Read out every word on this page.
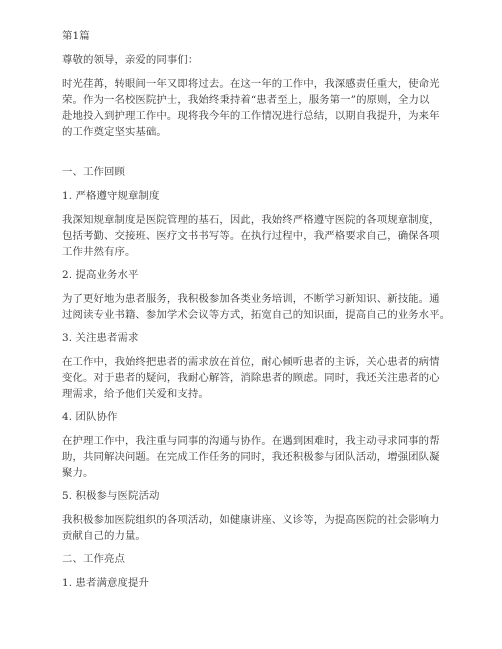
第1篇

尊敬的领导，亲爱的同事们：

时光荏苒，转眼间一年又即将过去。在这一年的工作中，我深感责任重大，使命光
荣。作为一名校医院护士，我始终秉持着“患者至上，服务第一”的原则，全力以
赴地投入到护理工作中。现将我今年的工作情况进行总结，以期自我提升，为来年
的工作奠定坚实基础。

一、工作回顾

1. 严格遵守规章制度

我深知规章制度是医院管理的基石，因此，我始终严格遵守医院的各项规章制度，
包括考勤、交接班、医疗文书书写等。在执行过程中，我严格要求自己，确保各项
工作井然有序。

2. 提高业务水平

为了更好地为患者服务，我积极参加各类业务培训，不断学习新知识、新技能。通
过阅读专业书籍、参加学术会议等方式，拓宽自己的知识面，提高自己的业务水平。

3. 关注患者需求

在工作中，我始终把患者的需求放在首位，耐心倾听患者的主诉，关心患者的病情
变化。对于患者的疑问，我耐心解答，消除患者的顾虑。同时，我还关注患者的心
理需求，给予他们关爱和支持。

4. 团队协作

在护理工作中，我注重与同事的沟通与协作。在遇到困难时，我主动寻求同事的帮
助，共同解决问题。在完成工作任务的同时，我还积极参与团队活动，增强团队凝
聚力。

5. 积极参与医院活动

我积极参加医院组织的各项活动，如健康讲座、义诊等，为提高医院的社会影响力
贡献自己的力量。

二、工作亮点

1. 患者满意度提升
